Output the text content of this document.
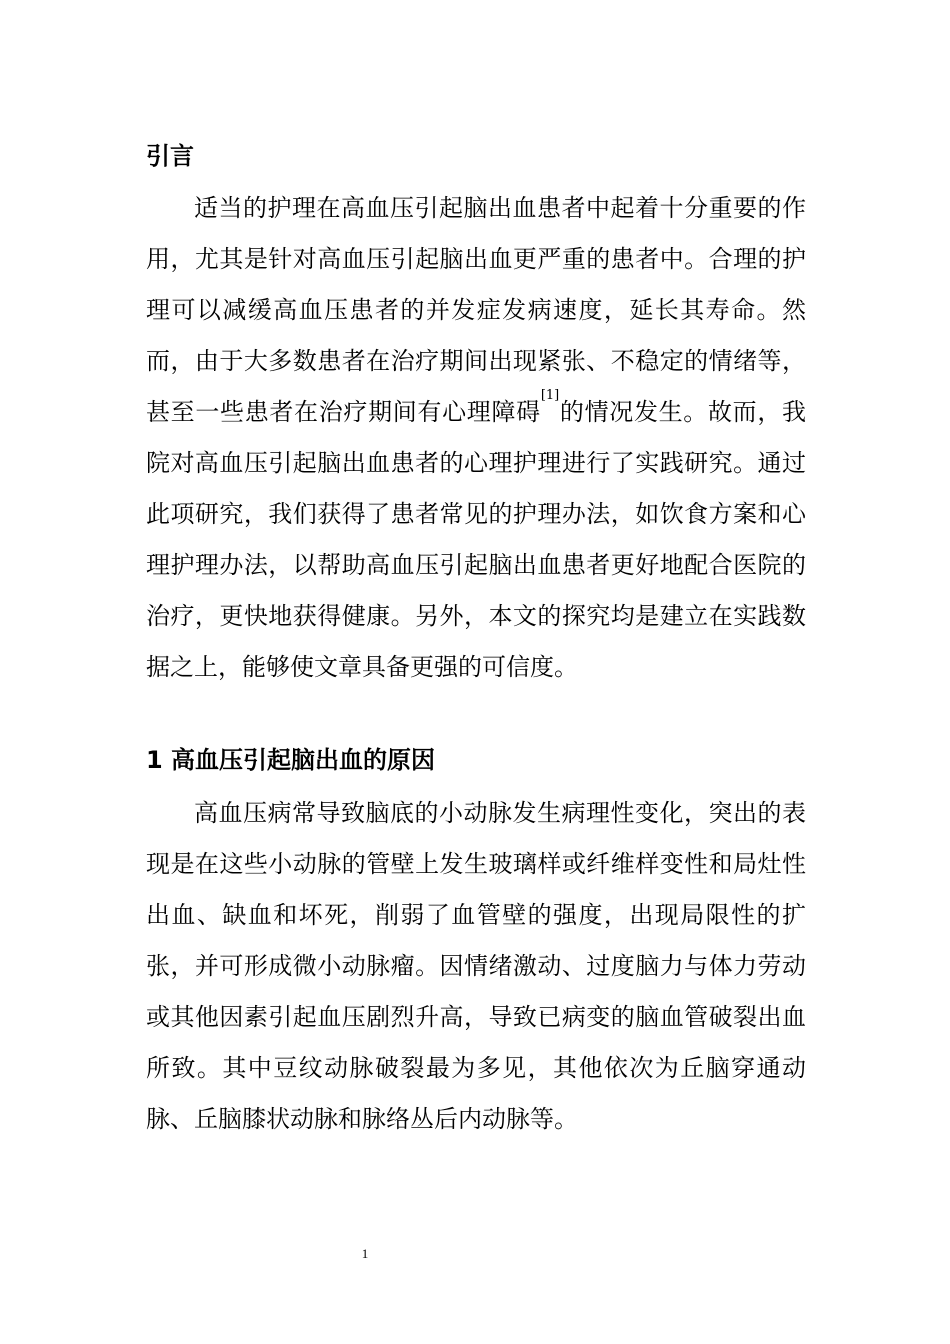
引言

适当的护理在高血压引起脑出血患者中起着十分重要的作用，尤其是针对高血压引起脑出血更严重的患者中。合理的护理可以减缓高血压患者的并发症发病速度，延长其寿命。然而，由于大多数患者在治疗期间出现紧张、不稳定的情绪等，甚至一些患者在治疗期间有心理障碍[1]的情况发生。故而，我院对高血压引起脑出血患者的心理护理进行了实践研究。通过此项研究，我们获得了患者常见的护理办法，如饮食方案和心理护理办法，以帮助高血压引起脑出血患者更好地配合医院的治疗，更快地获得健康。另外，本文的探究均是建立在实践数据之上，能够使文章具备更强的可信度。

1 高血压引起脑出血的原因

高血压病常导致脑底的小动脉发生病理性变化，突出的表现是在这些小动脉的管壁上发生玻璃样或纤维样变性和局灶性出血、缺血和坏死，削弱了血管壁的强度，出现局限性的扩张，并可形成微小动脉瘤。因情绪激动、过度脑力与体力劳动或其他因素引起血压剧烈升高，导致已病变的脑血管破裂出血所致。其中豆纹动脉破裂最为多见，其他依次为丘脑穿通动脉、丘脑膝状动脉和脉络丛后内动脉等。

1
